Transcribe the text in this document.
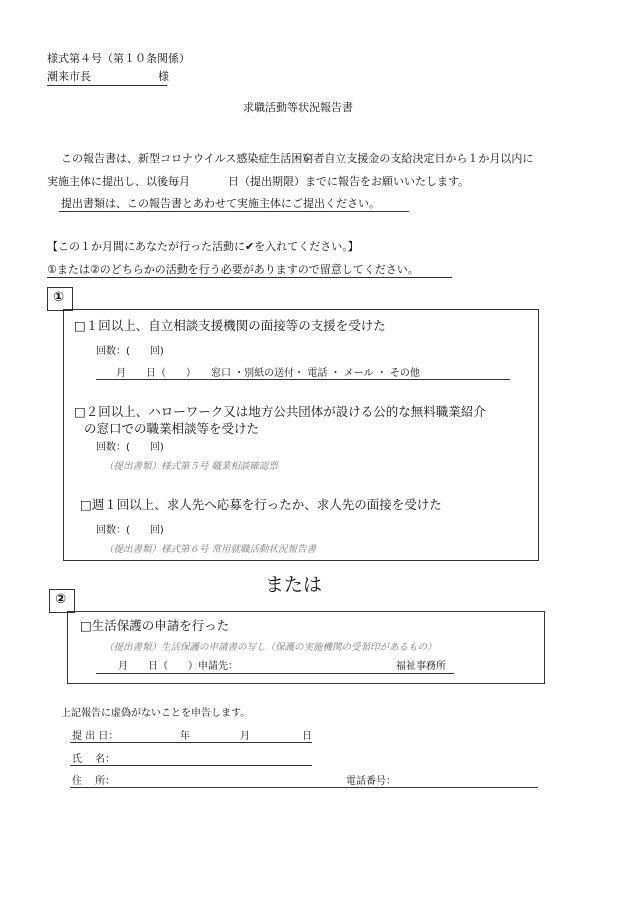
様式第４号（第１０条関係）
潮来市長	様
求職活動等状況報告書
この報告書は、新型コロナウイルス感染症生活困窮者自立支援金の支給決定日から１か月以内に
実施主体に提出し、以後毎月	日（提出期限）までに報告をお願いいたします。
提出書類は、この報告書とあわせて実施主体にご提出ください。
【この１か月間にあなたが行った活動に✔を入れてください。】
①または②のどちらかの活動を行う必要がありますので留意してください。
①
□１回以上、自立相談支援機関の面接等の支援を受けた
回数：(　　回)
月　　日（　　）　　窓口 ・別紙の送付・ 電話 ・ メール ・ その他
□２回以上、ハローワーク又は地方公共団体が設ける公的な無料職業紹介
の窓口での職業相談等を受けた
回数：(　　回)
（提出書類）様式第５号 職業相談確認票
□週１回以上、求人先へ応募を行ったか、求人先の面接を受けた
回数：(　　回)
（提出書類）様式第６号 常用就職活動状況報告書
または
②
□生活保護の申請を行った
（提出書類）生活保護の申請書の写し（保護の実施機関の受領印があるもの）
月　　日（　　）申請先：	福祉事務所
上記報告に虚偽がないことを申告します。
提 出 日：	年	月	日
氏　 名：
住　 所：	電話番号：
